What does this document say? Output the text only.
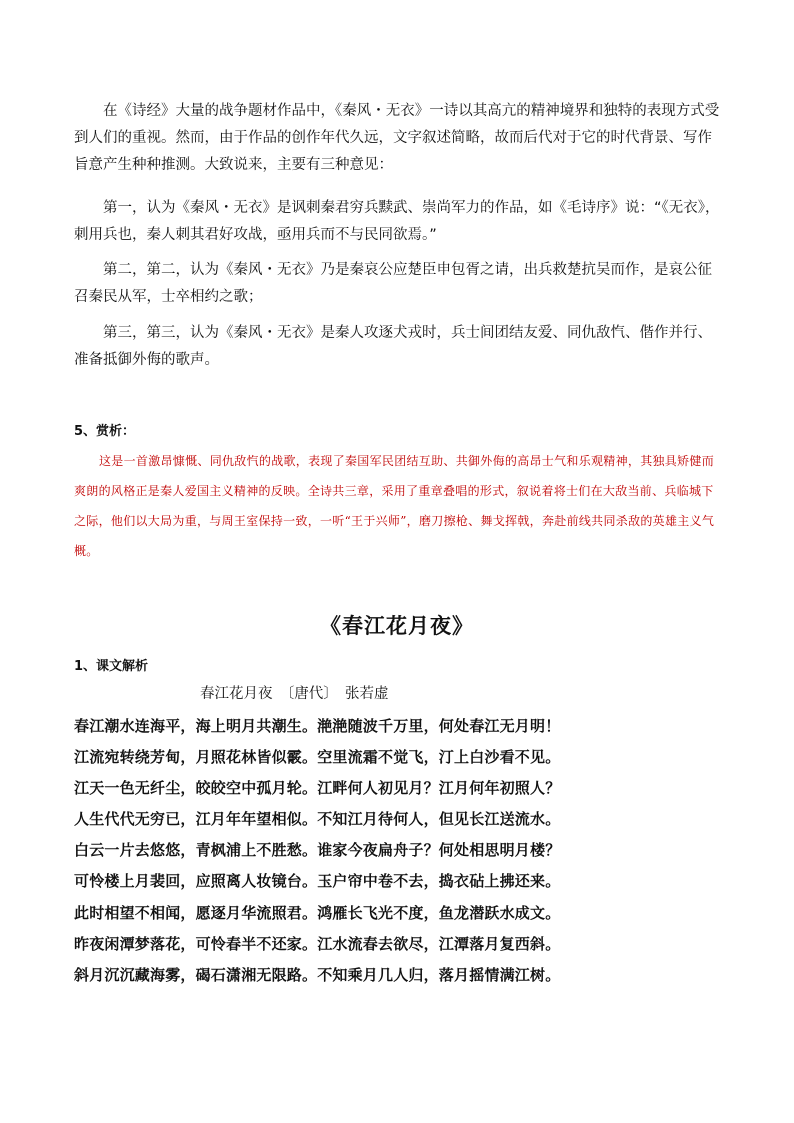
在《诗经》大量的战争题材作品中，《秦风・无衣》一诗以其高亢的精神境界和独特的表现方式受到人们的重视。然而，由于作品的创作年代久远，文字叙述简略，故而后代对于它的时代背景、写作旨意产生种种推测。大致说来，主要有三种意见：

第一，认为《秦风・无衣》是讽刺秦君穷兵黩武、崇尚军力的作品，如《毛诗序》说：“《无衣》，刺用兵也，秦人刺其君好攻战，亟用兵而不与民同欲焉。”

第二，第二，认为《秦风・无衣》乃是秦哀公应楚臣申包胥之请，出兵救楚抗吴而作，是哀公征召秦民从军，士卒相约之歌；

第三，第三，认为《秦风・无衣》是秦人攻逐犬戎时，兵士间团结友爱、同仇敌忾、偕作并行、准备抵御外侮的歌声。

5、赏析：

这是一首激昂慷慨、同仇敌忾的战歌，表现了秦国军民团结互助、共御外侮的高昂士气和乐观精神，其独具矫健而爽朗的风格正是秦人爱国主义精神的反映。全诗共三章，采用了重章叠唱的形式，叙说着将士们在大敌当前、兵临城下之际，他们以大局为重，与周王室保持一致，一听“王于兴师”，磨刀擦枪、舞戈挥戟，奔赴前线共同杀敌的英雄主义气概。

《春江花月夜》

1、课文解析

春江花月夜　〔唐代〕　张若虚
春江潮水连海平，海上明月共潮生。滟滟随波千万里，何处春江无月明！
江流宛转绕芳甸，月照花林皆似霰。空里流霜不觉飞，汀上白沙看不见。
江天一色无纤尘，皎皎空中孤月轮。江畔何人初见月？江月何年初照人？
人生代代无穷已，江月年年望相似。不知江月待何人，但见长江送流水。
白云一片去悠悠，青枫浦上不胜愁。谁家今夜扁舟子？何处相思明月楼？
可怜楼上月裴回，应照离人妆镜台。玉户帘中卷不去，捣衣砧上拂还来。
此时相望不相闻，愿逐月华流照君。鸿雁长飞光不度，鱼龙潜跃水成文。
昨夜闲潭梦落花，可怜春半不还家。江水流春去欲尽，江潭落月复西斜。
斜月沉沉藏海雾，碣石潇湘无限路。不知乘月几人归，落月摇情满江树。
